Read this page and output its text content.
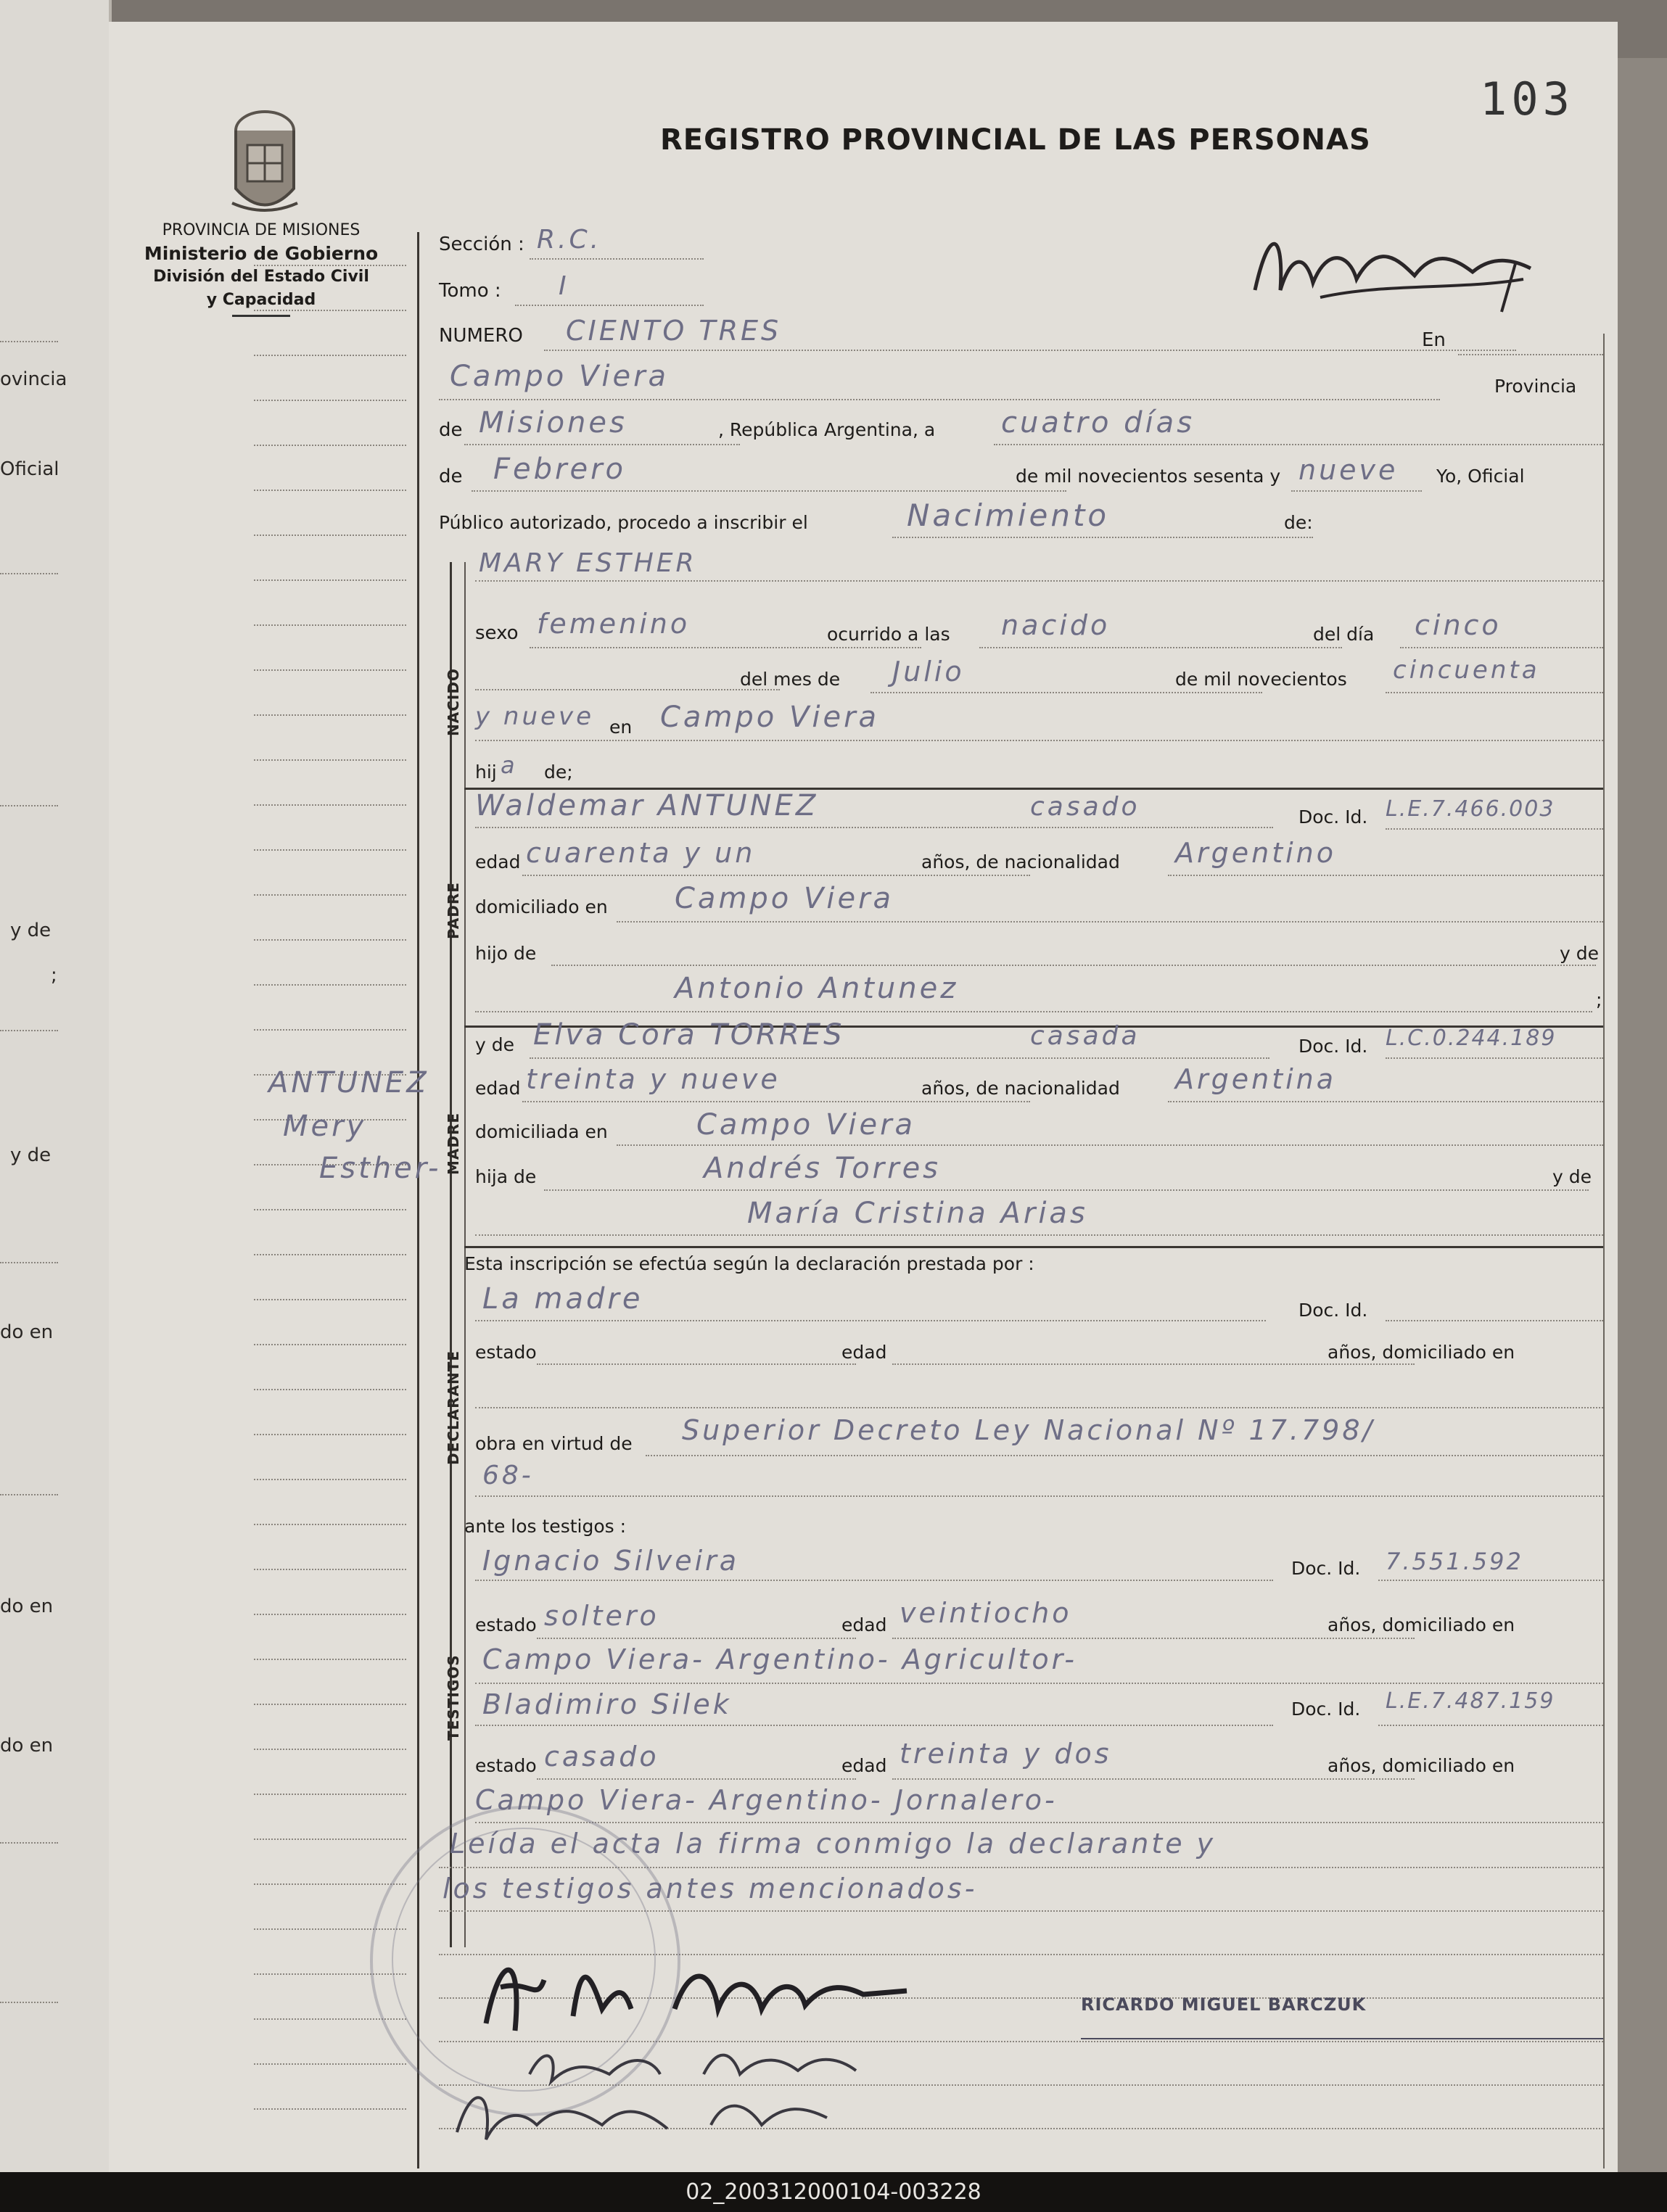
ovincia
Oficial
y de
;
y de
do en
do en
do en
103
PROVINCIA DE MISIONES
Ministerio de Gobierno
División del Estado Civil
y Capacidad
REGISTRO PROVINCIAL DE LAS PERSONAS
ANTUNEZ
Mery
Esther-
Sección : R.C.
Tomo : I
NUMERO CIENTO TRES	En
Campo Viera	Provincia
de Misiones	, República Argentina, a cuatro días
de Febrero	de mil novecientos sesenta y nueve Yo, Oficial
Público autorizado, procedo a inscribir el	Nacimiento	de:
NACIDO
MARY ESTHER
sexo femenino	ocurrido a las nacido	del día cinco
del mes de Julio	de mil novecientos cincuenta
y nueve en Campo Viera
hij a de;
PADRE
Waldemar ANTUNEZ	casado	Doc. Id. L.E.7.466.003
edad cuarenta y un	años, de nacionalidad Argentino
domiciliado en Campo Viera
hijo de	y de
Antonio Antunez	;
MADRE
y de Elva Cora TORRES	casada	Doc. Id. L.C.0.244.189
edad treinta y nueve	años, de nacionalidad Argentina
domiciliada en	Campo Viera
hija de	Andrés Torres	y de
María Cristina Arias
Esta inscripción se efectúa según la declaración prestada por :
DECLARANTE
La madre	Doc. Id.
estado	edad	años, domiciliado en
obra en virtud de Superior Decreto Ley Nacional Nº 17.798/
68-
ante los testigos :
TESTIGOS
Ignacio Silveira	Doc. Id. 7.551.592
estado soltero	edad veintiocho	años, domiciliado en
Campo Viera- Argentino- Agricultor-
Bladimiro Silek	Doc. Id. L.E.7.487.159
estado casado	edad treinta y dos	años, domiciliado en
Campo Viera- Argentino- Jornalero-
Leída el acta la firma conmigo la declarante y
los testigos antes mencionados-
RICARDO MIGUEL BARCZUK
02_200312000104-003228
